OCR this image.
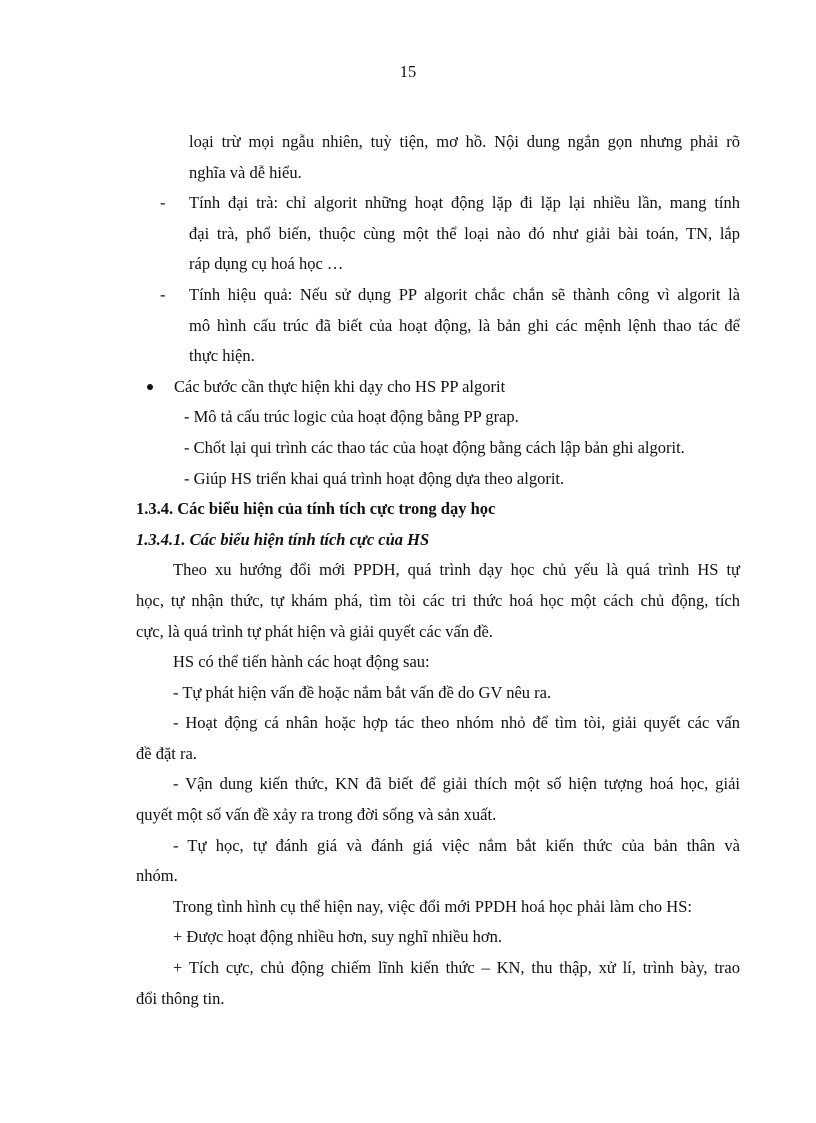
15
loại trừ mọi ngẫu nhiên, tuỳ tiện, mơ hồ. Nội dung ngắn gọn nhưng phải rõ
nghĩa và dễ hiểu.
- Tính đại trà: chỉ algorit những hoạt động lặp đi lặp lại nhiều lần, mang tính
đại trà, phổ biến, thuộc cùng một thể loại nào đó như giải bài toán, TN, lắp
ráp dụng cụ hoá học …
- Tính hiệu quả: Nếu sử dụng PP algorit chắc chắn sẽ thành công vì algorit là
mô hình cấu trúc đã biết của hoạt động, là bản ghi các mệnh lệnh thao tác để
thực hiện.
Các bước cần thực hiện khi dạy cho HS PP algorit
- Mô tả cấu trúc logic của hoạt động bằng PP grap.
- Chốt lại qui trình các thao tác của hoạt động bằng cách lập bản ghi algorit.
- Giúp HS triển khai quá trình hoạt động dựa theo algorit.
1.3.4. Các biểu hiện của tính tích cực trong dạy học
1.3.4.1. Các biểu hiện tính tích cực của HS
Theo xu hướng đổi mới PPDH, quá trình dạy học chủ yếu là quá trình HS tự
học, tự nhận thức, tự khám phá, tìm tòi các tri thức hoá học một cách chủ động, tích
cực, là quá trình tự phát hiện và giải quyết các vấn đề.
HS có thể tiến hành các hoạt động sau:
- Tự phát hiện vấn đề hoặc nắm bắt vấn đề do GV nêu ra.
- Hoạt động cá nhân hoặc hợp tác theo nhóm nhỏ để tìm tòi, giải quyết các vấn
đề đặt ra.
- Vận dung kiến thức, KN đã biết để giải thích một số hiện tượng hoá học, giải
quyết một số vấn đề xảy ra trong đời sống và sản xuất.
- Tự học, tự đánh giá và đánh giá việc nắm bắt kiến thức của bản thân và
nhóm.
Trong tình hình cụ thể hiện nay, việc đổi mới PPDH hoá học phải làm cho HS:
+ Được hoạt động nhiều hơn, suy nghĩ nhiều hơn.
+ Tích cực, chủ động chiếm lĩnh kiến thức – KN, thu thập, xử lí, trình bày, trao
đổi thông tin.
